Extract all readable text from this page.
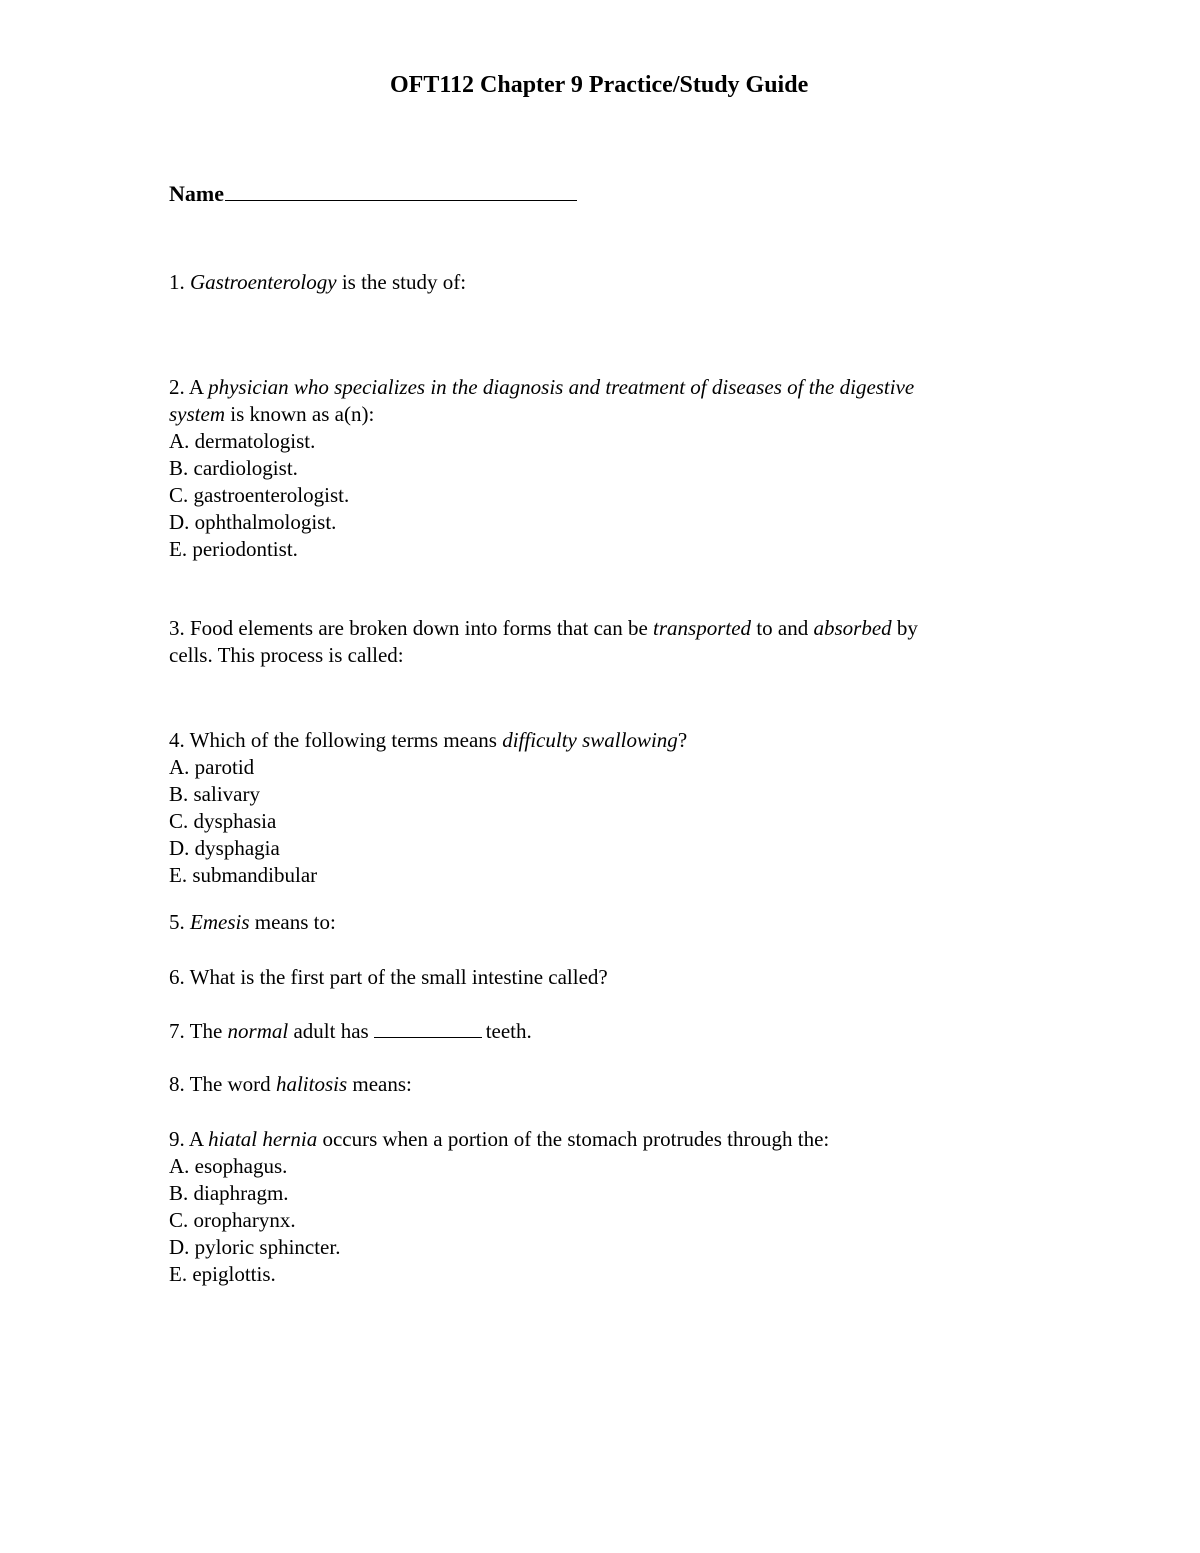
OFT112 Chapter 9 Practice/Study Guide
Name
1. Gastroenterology is the study of:
2. A physician who specializes in the diagnosis and treatment of diseases of the digestive
system is known as a(n):
A. dermatologist.
B. cardiologist.
C. gastroenterologist.
D. ophthalmologist.
E. periodontist.
3. Food elements are broken down into forms that can be transported to and absorbed by
cells. This process is called:
4. Which of the following terms means difficulty swallowing?
A. parotid
B. salivary
C. dysphasia
D. dysphagia
E. submandibular
5. Emesis means to:
6. What is the first part of the small intestine called?
7. The normal adult has	teeth.
8. The word halitosis means:
9. A hiatal hernia occurs when a portion of the stomach protrudes through the:
A. esophagus.
B. diaphragm.
C. oropharynx.
D. pyloric sphincter.
E. epiglottis.
